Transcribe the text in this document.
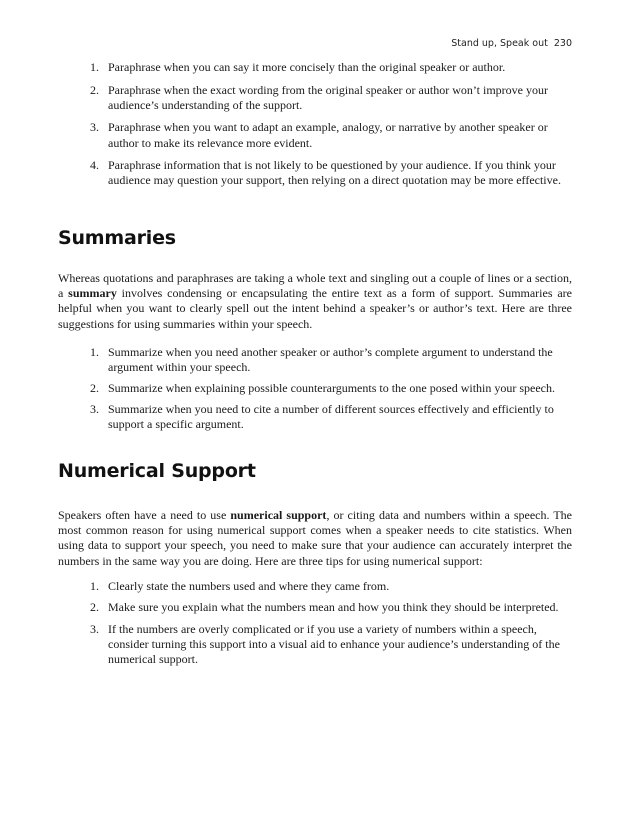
Stand up, Speak out 230
1. Paraphrase when you can say it more concisely than the original speaker or author.
2. Paraphrase when the exact wording from the original speaker or author won’t improve your audience’s understanding of the support.
3. Paraphrase when you want to adapt an example, analogy, or narrative by another speaker or author to make its relevance more evident.
4. Paraphrase information that is not likely to be questioned by your audience. If you think your audience may question your support, then relying on a direct quotation may be more effective.
Summaries

Whereas quotations and paraphrases are taking a whole text and singling out a couple of lines or a section, a summary involves condensing or encapsulating the entire text as a form of support. Summaries are helpful when you want to clearly spell out the intent behind a speaker’s or author’s text. Here are three suggestions for using summaries within your speech.

1. Summarize when you need another speaker or author’s complete argument to understand the argument within your speech.
2. Summarize when explaining possible counterarguments to the one posed within your speech.
3. Summarize when you need to cite a number of different sources effectively and efficiently to support a specific argument.
Numerical Support

Speakers often have a need to use numerical support, or citing data and numbers within a speech. The most common reason for using numerical support comes when a speaker needs to cite statistics. When using data to support your speech, you need to make sure that your audience can accurately interpret the numbers in the same way you are doing. Here are three tips for using numerical support:

1. Clearly state the numbers used and where they came from.
2. Make sure you explain what the numbers mean and how you think they should be interpreted.
3. If the numbers are overly complicated or if you use a variety of numbers within a speech, consider turning this support into a visual aid to enhance your audience’s understanding of the numerical support.
